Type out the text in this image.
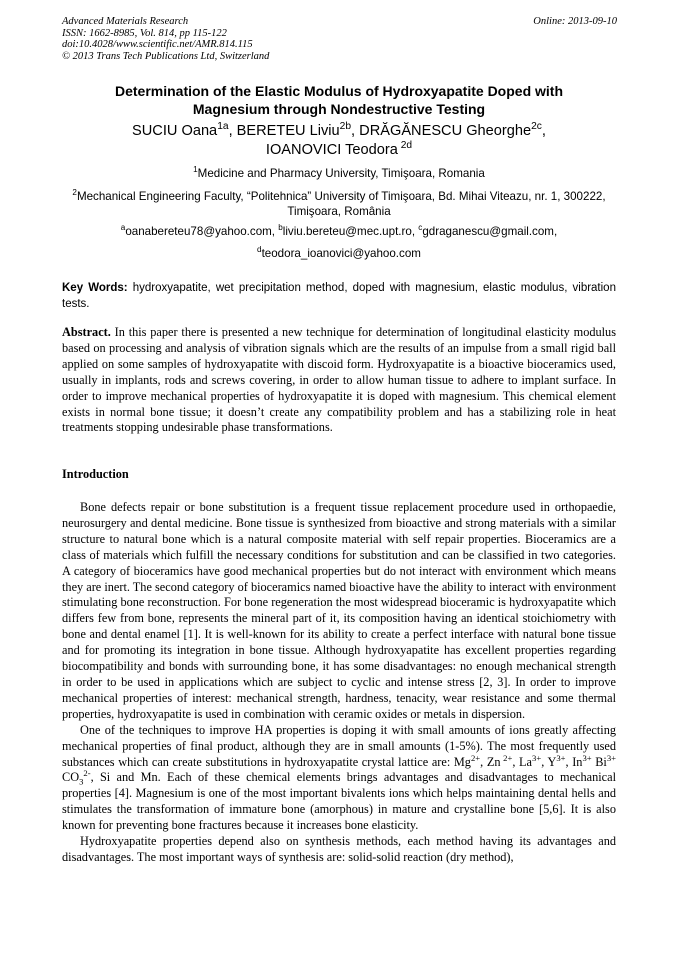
Advanced Materials Research
ISSN: 1662-8985, Vol. 814, pp 115-122
doi:10.4028/www.scientific.net/AMR.814.115
© 2013 Trans Tech Publications Ltd, Switzerland
Online: 2013-09-10
Determination of the Elastic Modulus of Hydroxyapatite Doped with
Magnesium through Nondestructive Testing
SUCIU Oana$^{1a}$, BERETEU Liviu$^{2b}$, DRĂGĂNESCU Gheorghe$^{2c}$,
IOANOVICI Teodora $^{2d}$
$^1$Medicine and Pharmacy University, Timişoara, Romania
$^2$Mechanical Engineering Faculty, “Politehnica” University of Timişoara, Bd. Mihai Viteazu, nr. 1, 300222, Timişoara, România
$^a$oanabereteu78@yahoo.com, $^b$liviu.bereteu@mec.upt.ro, $^c$gdraganescu@gmail.com,
$^d$teodora_ioanovici@yahoo.com
Key Words: hydroxyapatite, wet precipitation method, doped with magnesium, elastic modulus, vibration tests.
Abstract. In this paper there is presented a new technique for determination of longitudinal elasticity modulus based on processing and analysis of vibration signals which are the results of an impulse from a small rigid ball applied on some samples of hydroxyapatite with discoid form. Hydroxyapatite is a bioactive bioceramics used, usually in implants, rods and screws covering, in order to allow human tissue to adhere to implant surface. In order to improve mechanical properties of hydroxyapatite it is doped with magnesium. This chemical element exists in normal bone tissue; it doesn’t create any compatibility problem and has a stabilizing role in heat treatments stopping undesirable phase transformations.
Introduction

Bone defects repair or bone substitution is a frequent tissue replacement procedure used in orthopaedie, neurosurgery and dental medicine. Bone tissue is synthesized from bioactive and strong materials with a similar structure to natural bone which is a natural composite material with self repair properties. Bioceramics are a class of materials which fulfill the necessary conditions for substitution and can be classified in two categories. A category of bioceramics have good mechanical properties but do not interact with environment which means they are inert. The second category of bioceramics named bioactive have the ability to interact with environment stimulating bone reconstruction. For bone regeneration the most widespread bioceramic is hydroxyapatite which differs few from bone, represents the mineral part of it, its composition having an identical stoichiometry with bone and dental enamel [1]. It is well-known for its ability to create a perfect interface with natural bone tissue and for promoting its integration in bone tissue. Although hydroxyapatite has excellent properties regarding biocompatibility and bonds with surrounding bone, it has some disadvantages: no enough mechanical strength in order to be used in applications which are subject to cyclic and intense stress [2, 3]. In order to improve mechanical properties of interest: mechanical strength, hardness, tenacity, wear resistance and some thermal properties, hydroxyapatite is used in combination with ceramic oxides or metals in dispersion.

One of the techniques to improve HA properties is doping it with small amounts of ions greatly affecting mechanical properties of final product, although they are in small amounts (1-5%). The most frequently used substances which can create substitutions in hydroxyapatite crystal lattice are: $Mg^{2+}$, Zn $^{2+}$, $La^{3+}$, $Y^{3+}$, $In^{3+}$ $Bi^{3+}$ $CO_3^{2-}$, Si and Mn. Each of these chemical elements brings advantages and disadvantages to mechanical properties [4]. Magnesium is one of the most important bivalents ions which helps maintaining dental hells and stimulates the transformation of immature bone (amorphous) in mature and crystalline bone [5,6]. It is also known for preventing bone fractures because it increases bone elasticity.

Hydroxyapatite properties depend also on synthesis methods, each method having its advantages and disadvantages. The most important ways of synthesis are: solid-solid reaction (dry method),
